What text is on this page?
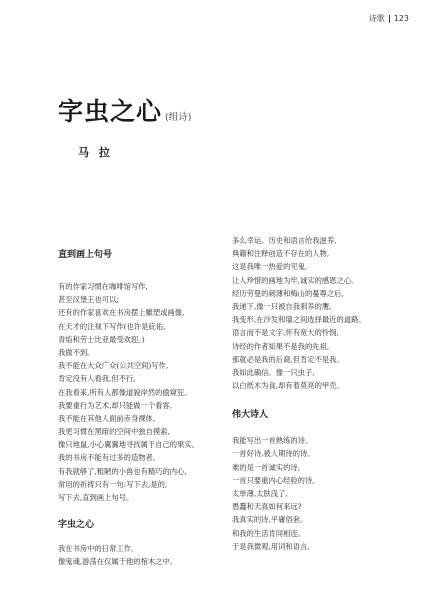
诗歌 123
字虫之心 (组诗)
马 拉
直到画上句号
有的作家习惯在咖啡馆写作,
甚至汉堡王也可以;
还有的作家喜欢在书房摆上雕塑或画像,
在天才的注视下写作(也许是庇佑,
青焰和劳士比亚最受欢迎。)
我做不到。
我不能在大众广众(公共空间)写作,
肯定没有人看我,但不行,
在我看来,所有人都像道貌岸然的偷窥狂。
我要重行为艺术,却只能做一个看客,
我不能在其他人面前赤身裸体,
我更习惯在黑暗的空间中独自摸索,
像只地鼠,小心翼翼地寻找属于自己的果实。
我的书房不能有过多的造物者,
有我就够了,粗陋的小兽也有精巧的内心,
常用的祈祷只有一句:写下去,是的,
写下去,直到画上句号。
字虫之心
我在书房中的日常工作,
像鬼魂,游荡在仅属于他的棺木之中。
多么幸运。历史和语言给我滋养,
典籍和注释创造不存在的人物,
这是我唯一热爱的见鬼,
让人珍惜的画地为牢,诚实的感恩之心。
经历劳曼的刺薄和梅山的蔓尊之后,
我递下,像一只被自我驯养的鹰,
我变形,在沙发和墙之间选择最近的道路。
语言而不是文字,怀有宽大的怜悯,
诗经的作者知果不是我的先祖,
那就必是我的后裔,但肯定不是我。
我如此确信。像一只虫子,
以白纸木为食,却有着莫亮的甲壳。
伟大诗人
我能写出一首熟练的诗,
一首好诗,被人期待的诗。
难的是一首诚实的诗,
一首只要重内心经验的诗。
太单薄,太肤浅了,
愚蠢和天真如何来远?
我真实的诗,平庸俗套,
和我的生活肯同相连。
于是我微观,用词和语言,
